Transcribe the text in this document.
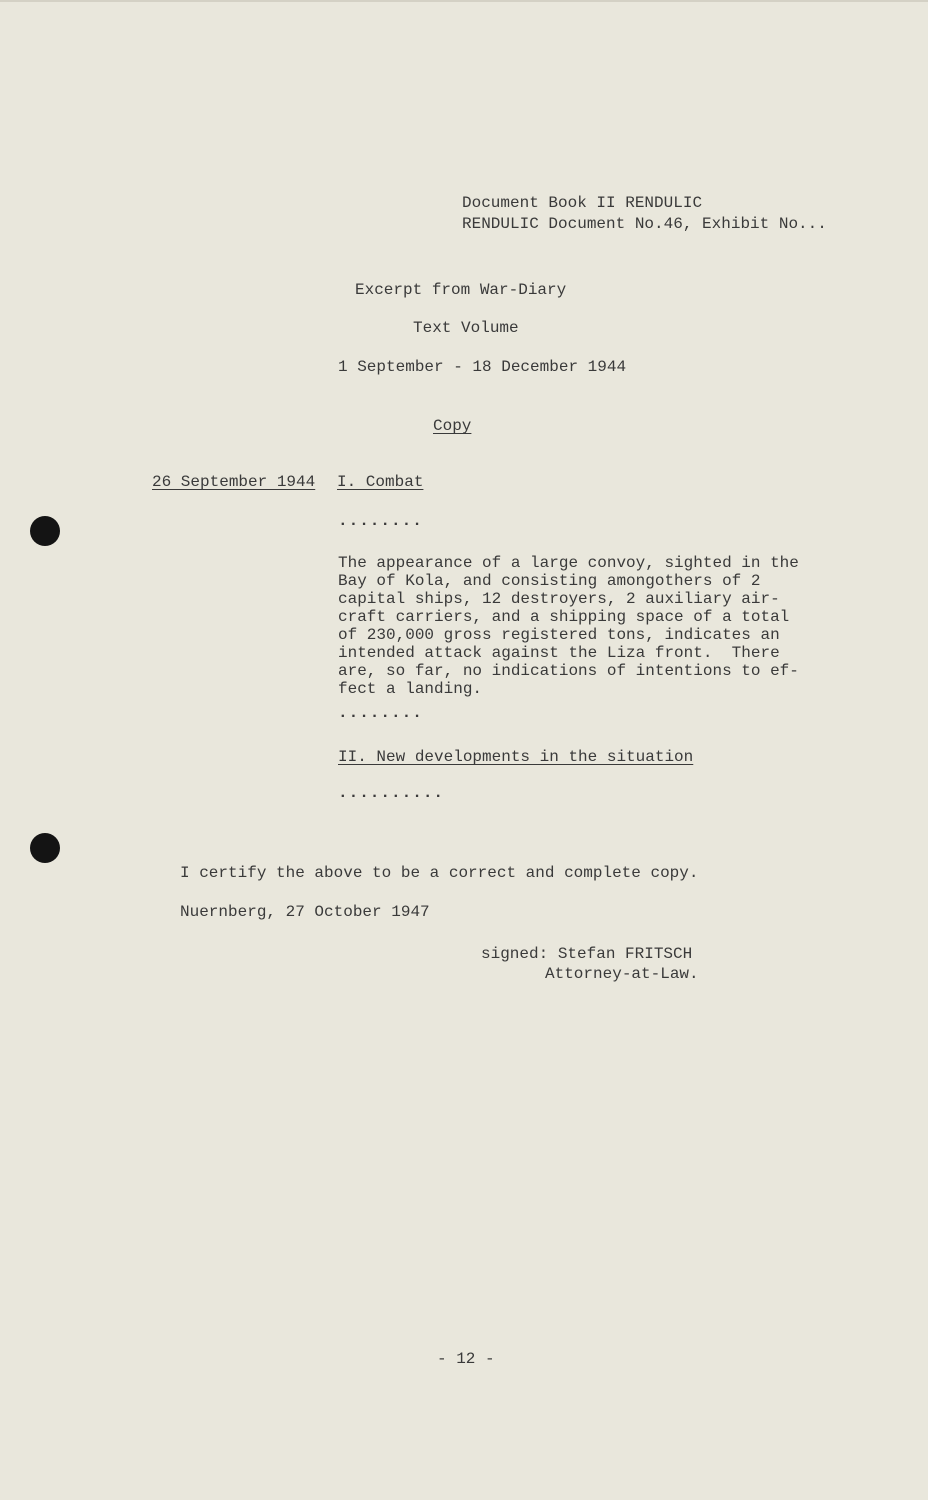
Document Book II RENDULIC
RENDULIC Document No.46, Exhibit No...
Excerpt from War-Diary
Text Volume
1 September - 18 December 1944
Copy
26 September 1944 I. Combat
........
The appearance of a large convoy, sighted in the
Bay of Kola, and consisting amongothers of 2
capital ships, 12 destroyers, 2 auxiliary air-
craft carriers, and a shipping space of a total
of 230,000 gross registered tons, indicates an
intended attack against the Liza front.  There
are, so far, no indications of intentions to ef-
fect a landing.
........
II. New developments in the situation
..........
I certify the above to be a correct and complete copy.
Nuernberg, 27 October 1947
signed: Stefan FRITSCH
Attorney-at-Law.
- 12 -
